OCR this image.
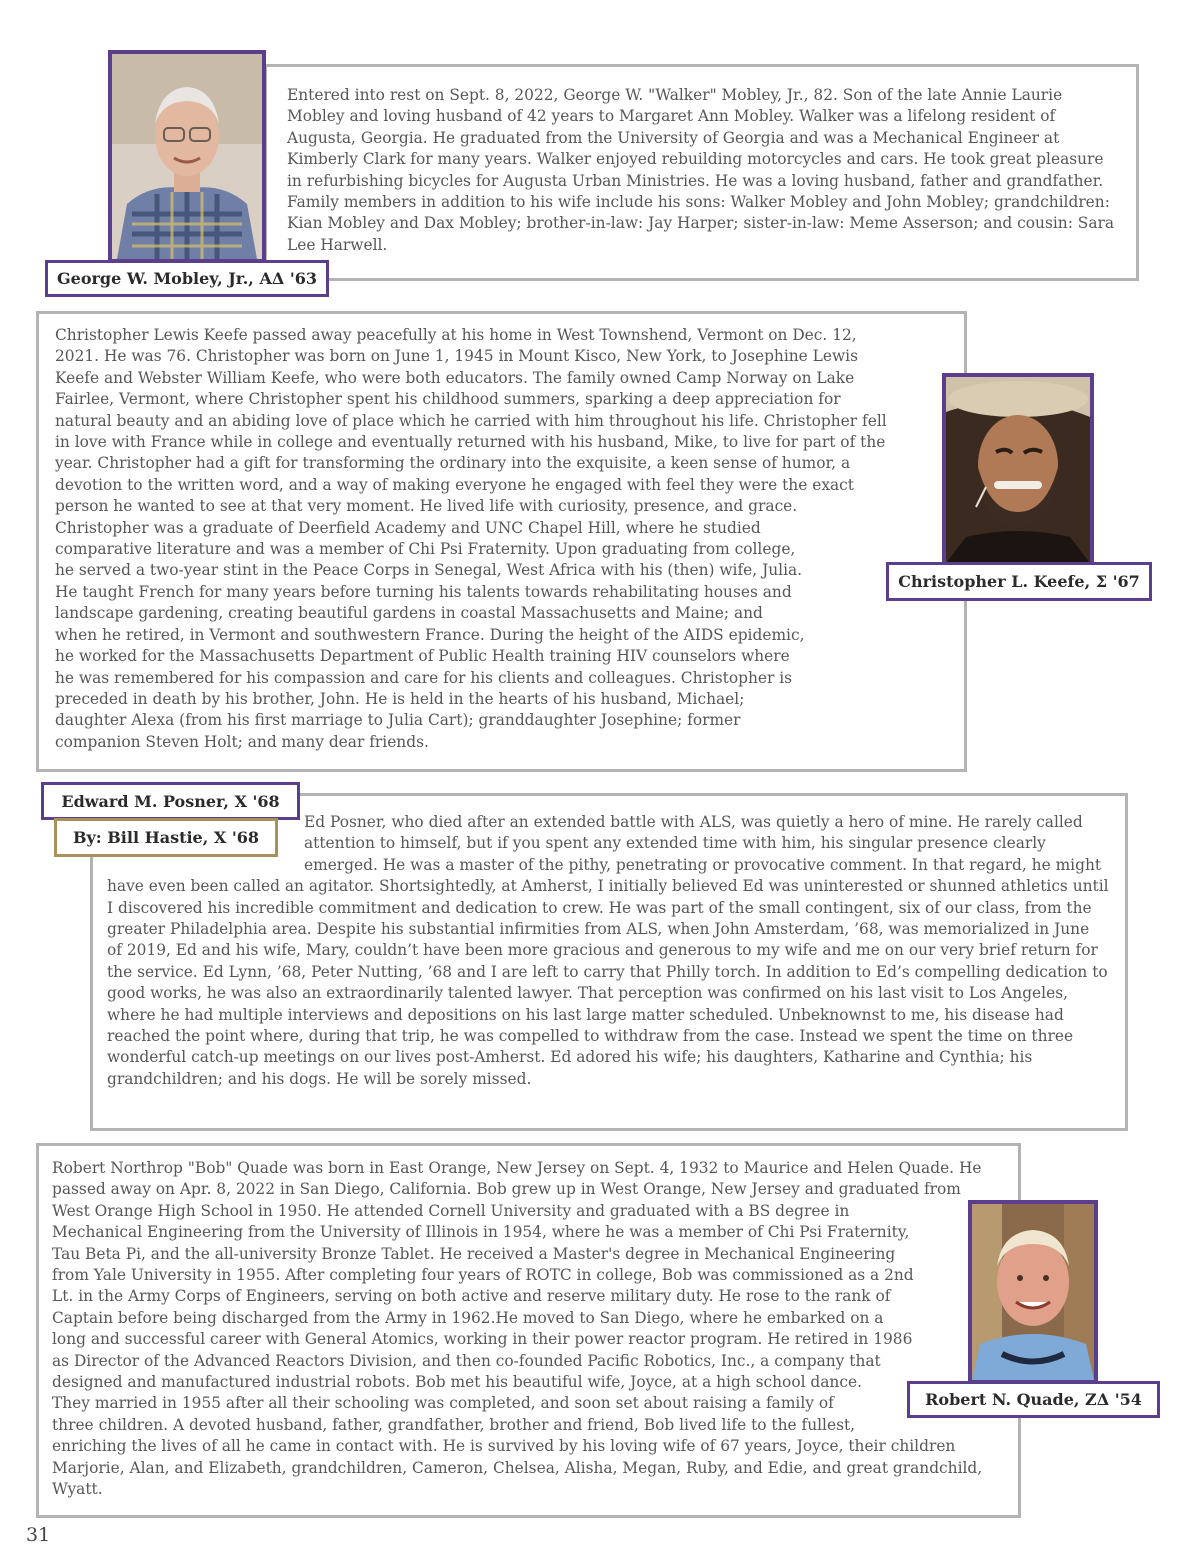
George W. Mobley, Jr., AΔ '63
Entered into rest on Sept. 8, 2022, George W. "Walker" Mobley, Jr., 82. Son of the late Annie Laurie Mobley and loving husband of 42 years to Margaret Ann Mobley. Walker was a lifelong resident of Augusta, Georgia. He graduated from the University of Georgia and was a Mechanical Engineer at Kimberly Clark for many years. Walker enjoyed rebuilding motorcycles and cars. He took great pleasure in refurbishing bicycles for Augusta Urban Ministries. He was a loving husband, father and grandfather. Family members in addition to his wife include his sons: Walker Mobley and John Mobley; grandchildren: Kian Mobley and Dax Mobley; brother-in-law: Jay Harper; sister-in-law: Meme Asserson; and cousin: Sara Lee Harwell.
Christopher L. Keefe, Σ '67
Christopher Lewis Keefe passed away peacefully at his home in West Townshend, Vermont on Dec. 12, 2021. He was 76. Christopher was born on June 1, 1945 in Mount Kisco, New York, to Josephine Lewis Keefe and Webster William Keefe, who were both educators. The family owned Camp Norway on Lake Fairlee, Vermont, where Christopher spent his childhood summers, sparking a deep appreciation for natural beauty and an abiding love of place which he carried with him throughout his life. Christopher fell in love with France while in college and eventually returned with his husband, Mike, to live for part of the year. Christopher had a gift for transforming the ordinary into the exquisite, a keen sense of humor, a devotion to the written word, and a way of making everyone he engaged with feel they were the exact person he wanted to see at that very moment. He lived life with curiosity, presence, and grace. Christopher was a graduate of Deerfield Academy and UNC Chapel Hill, where he studied comparative literature and was a member of Chi Psi Fraternity. Upon graduating from college, he served a two-year stint in the Peace Corps in Senegal, West Africa with his (then) wife, Julia. He taught French for many years before turning his talents towards rehabilitating houses and landscape gardening, creating beautiful gardens in coastal Massachusetts and Maine; and when he retired, in Vermont and southwestern France. During the height of the AIDS epidemic, he worked for the Massachusetts Department of Public Health training HIV counselors where he was remembered for his compassion and care for his clients and colleagues. Christopher is preceded in death by his brother, John. He is held in the hearts of his husband, Michael; daughter Alexa (from his first marriage to Julia Cart); granddaughter Josephine; former companion Steven Holt; and many dear friends.
Edward M. Posner, X '68
By: Bill Hastie, X '68
Ed Posner, who died after an extended battle with ALS, was quietly a hero of mine. He rarely called attention to himself, but if you spent any extended time with him, his singular presence clearly emerged. He was a master of the pithy, penetrating or provocative comment. In that regard, he might have even been called an agitator. Shortsightedly, at Amherst, I initially believed Ed was uninterested or shunned athletics until I discovered his incredible commitment and dedication to crew. He was part of the small contingent, six of our class, from the greater Philadelphia area. Despite his substantial infirmities from ALS, when John Amsterdam, ’68, was memorialized in June of 2019, Ed and his wife, Mary, couldn’t have been more gracious and generous to my wife and me on our very brief return for the service. Ed Lynn, ’68, Peter Nutting, ’68 and I are left to carry that Philly torch. In addition to Ed’s compelling dedication to good works, he was also an extraordinarily talented lawyer. That perception was confirmed on his last visit to Los Angeles, where he had multiple interviews and depositions on his last large matter scheduled. Unbeknownst to me, his disease had reached the point where, during that trip, he was compelled to withdraw from the case. Instead we spent the time on three wonderful catch-up meetings on our lives post-Amherst. Ed adored his wife; his daughters, Katharine and Cynthia; his grandchildren; and his dogs. He will be sorely missed.
Robert N. Quade, ZΔ '54
Robert Northrop "Bob" Quade was born in East Orange, New Jersey on Sept. 4, 1932 to Maurice and Helen Quade. He passed away on Apr. 8, 2022 in San Diego, California. Bob grew up in West Orange, New Jersey and graduated from West Orange High School in 1950. He attended Cornell University and graduated with a BS degree in Mechanical Engineering from the University of Illinois in 1954, where he was a member of Chi Psi Fraternity, Tau Beta Pi, and the all-university Bronze Tablet. He received a Master's degree in Mechanical Engineering from Yale University in 1955. After completing four years of ROTC in college, Bob was commissioned as a 2nd Lt. in the Army Corps of Engineers, serving on both active and reserve military duty. He rose to the rank of Captain before being discharged from the Army in 1962.He moved to San Diego, where he embarked on a long and successful career with General Atomics, working in their power reactor program. He retired in 1986 as Director of the Advanced Reactors Division, and then co-founded Pacific Robotics, Inc., a company that designed and manufactured industrial robots. Bob met his beautiful wife, Joyce, at a high school dance. They married in 1955 after all their schooling was completed, and soon set about raising a family of three children. A devoted husband, father, grandfather, brother and friend, Bob lived life to the fullest, enriching the lives of all he came in contact with. He is survived by his loving wife of 67 years, Joyce, their children Marjorie, Alan, and Elizabeth, grandchildren, Cameron, Chelsea, Alisha, Megan, Ruby, and Edie, and great grandchild, Wyatt.
31
